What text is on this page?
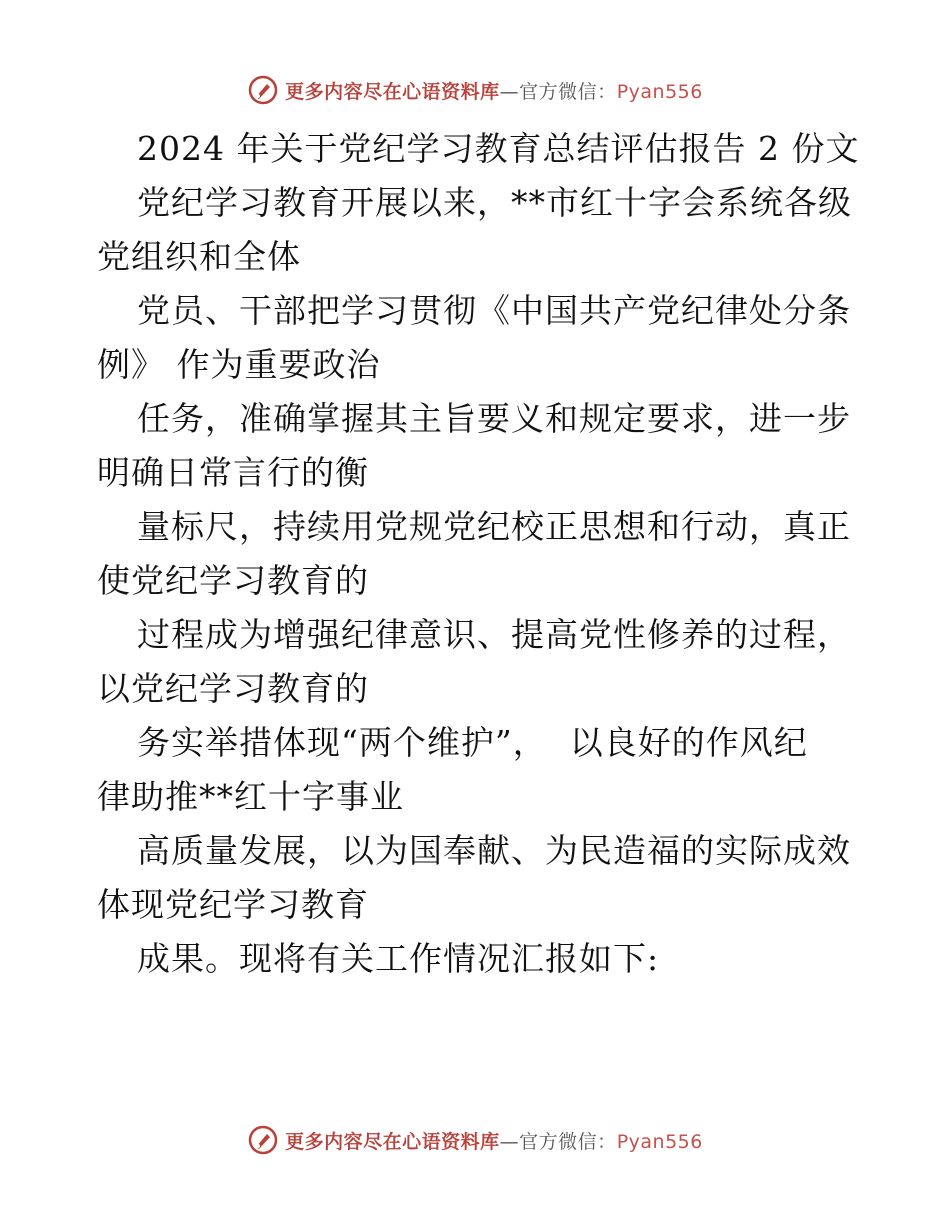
更多内容尽在心语资料库—官方微信：Pyan556
2024 年关于党纪学习教育总结评估报告 2 份文
党纪学习教育开展以来，**市红十字会系统各级
党组织和全体
党员、干部把学习贯彻《中国共产党纪律处分条
例》 作为重要政治
任务，准确掌握其主旨要义和规定要求，进一步
明确日常言行的衡
量标尺，持续用党规党纪校正思想和行动，真正
使党纪学习教育的
过程成为增强纪律意识、提高党性修养的过程，
以党纪学习教育的
务实举措体现“两个维护”，  以良好的作风纪
律助推**红十字事业
高质量发展，以为国奉献、为民造福的实际成效
体现党纪学习教育
成果。现将有关工作情况汇报如下:
更多内容尽在心语资料库—官方微信：Pyan556
